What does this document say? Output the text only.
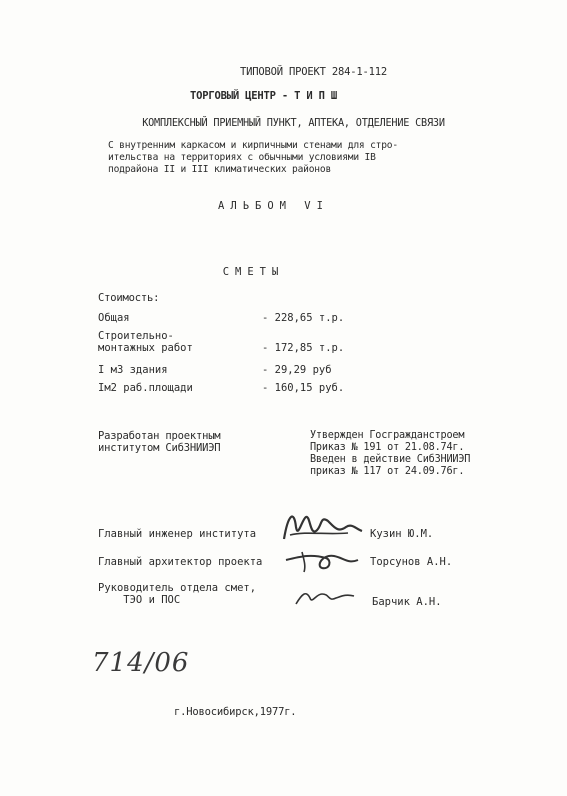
ТИПОВОЙ ПРОЕКТ 284-1-112
ТОРГОВЫЙ ЦЕНТР - Т И П Ш
КОМПЛЕКСНЫЙ ПРИЕМНЫЙ ПУНКТ, АПТЕКА, ОТДЕЛЕНИЕ СВЯЗИ
С внутренним каркасом и кирпичными стенами для стро-
ительства на территориях с обычными условиями IB
подрайона II и III климатических районов
АЛЬБОМ VI
СМЕТЫ
Стоимость:
Общая	- 228,65 т.р.
Строительно-
монтажных работ	- 172,85 т.р.
I м3 здания	- 29,29 руб
Iм2 раб.площади	- 160,15 руб.
Разработан проектным
институтом СибЗНИИЭП
Утвержден Госгражданстроем
Приказ № 191 от 21.08.74г.
Введен в действие СибЗНИИЭП
приказ № 117 от 24.09.76г.
Главный инженер института	Кузин Ю.М.
Главный архитектор проекта	Торсунов А.Н.
Руководитель отдела смет,
ТЭО и ПОС	Барчик А.Н.
714/06
г.Новосибирск,1977г.
